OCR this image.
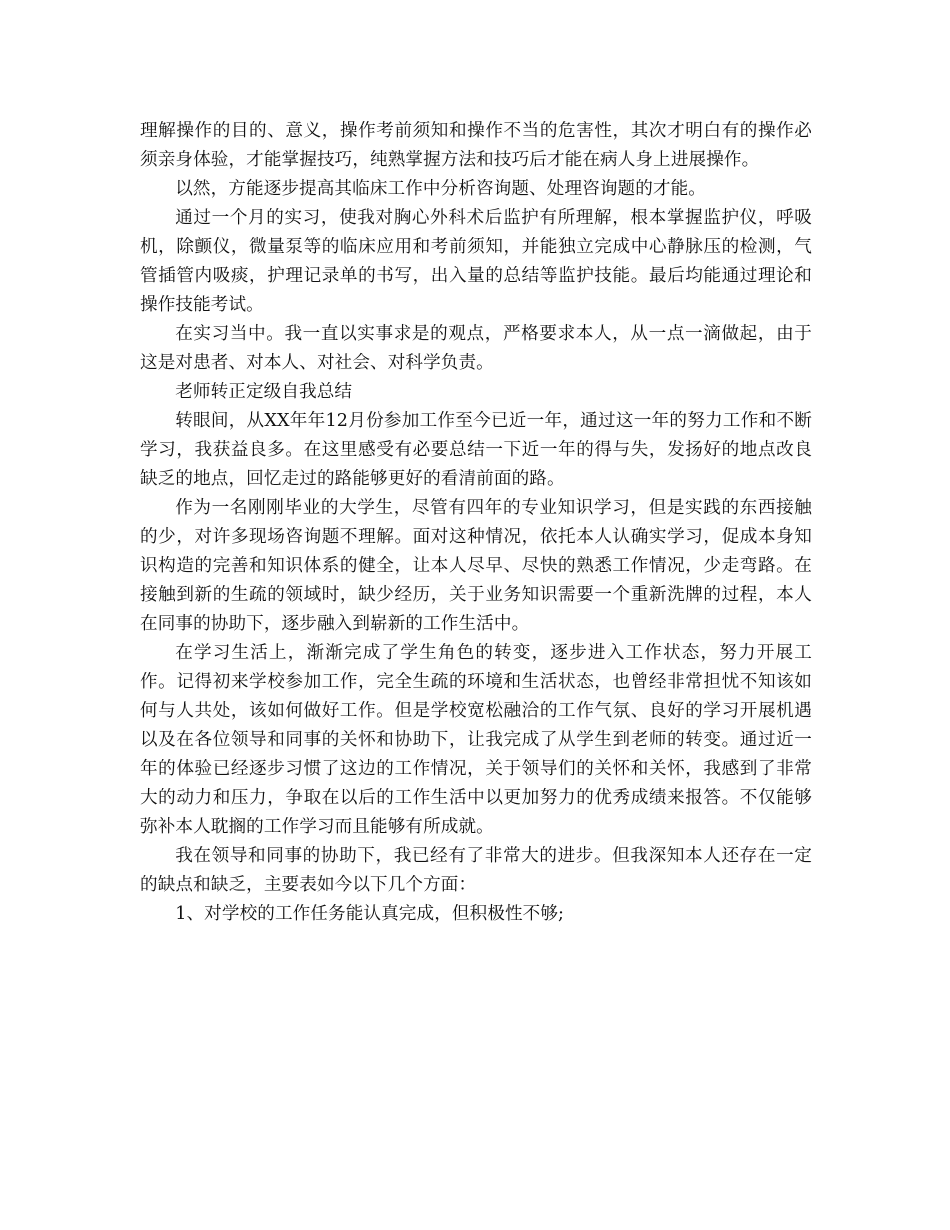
理解操作的目的、意义，操作考前须知和操作不当的危害性，其次才明白有的操作必须亲身体验，才能掌握技巧，纯熟掌握方法和技巧后才能在病人身上进展操作。

以然，方能逐步提高其临床工作中分析咨询题、处理咨询题的才能。

通过一个月的实习，使我对胸心外科术后监护有所理解，根本掌握监护仪，呼吸机，除颤仪，微量泵等的临床应用和考前须知，并能独立完成中心静脉压的检测，气管插管内吸痰，护理记录单的书写，出入量的总结等监护技能。最后均能通过理论和操作技能考试。

在实习当中。我一直以实事求是的观点，严格要求本人，从一点一滴做起，由于这是对患者、对本人、对社会、对科学负责。

老师转正定级自我总结

转眼间，从XX年年12月份参加工作至今已近一年，通过这一年的努力工作和不断学习，我获益良多。在这里感受有必要总结一下近一年的得与失，发扬好的地点改良缺乏的地点，回忆走过的路能够更好的看清前面的路。

作为一名刚刚毕业的大学生，尽管有四年的专业知识学习，但是实践的东西接触的少，对许多现场咨询题不理解。面对这种情况，依托本人认确实学习，促成本身知识构造的完善和知识体系的健全，让本人尽早、尽快的熟悉工作情况，少走弯路。在接触到新的生疏的领域时，缺少经历，关于业务知识需要一个重新洗牌的过程，本人在同事的协助下，逐步融入到崭新的工作生活中。

在学习生活上，渐渐完成了学生角色的转变，逐步进入工作状态，努力开展工作。记得初来学校参加工作，完全生疏的环境和生活状态，也曾经非常担忧不知该如何与人共处，该如何做好工作。但是学校宽松融洽的工作气氛、良好的学习开展机遇以及在各位领导和同事的关怀和协助下，让我完成了从学生到老师的转变。通过近一年的体验已经逐步习惯了这边的工作情况，关于领导们的关怀和关怀，我感到了非常大的动力和压力，争取在以后的工作生活中以更加努力的优秀成绩来报答。不仅能够弥补本人耽搁的工作学习而且能够有所成就。

我在领导和同事的协助下，我已经有了非常大的进步。但我深知本人还存在一定的缺点和缺乏，主要表如今以下几个方面：

1、对学校的工作任务能认真完成，但积极性不够;
